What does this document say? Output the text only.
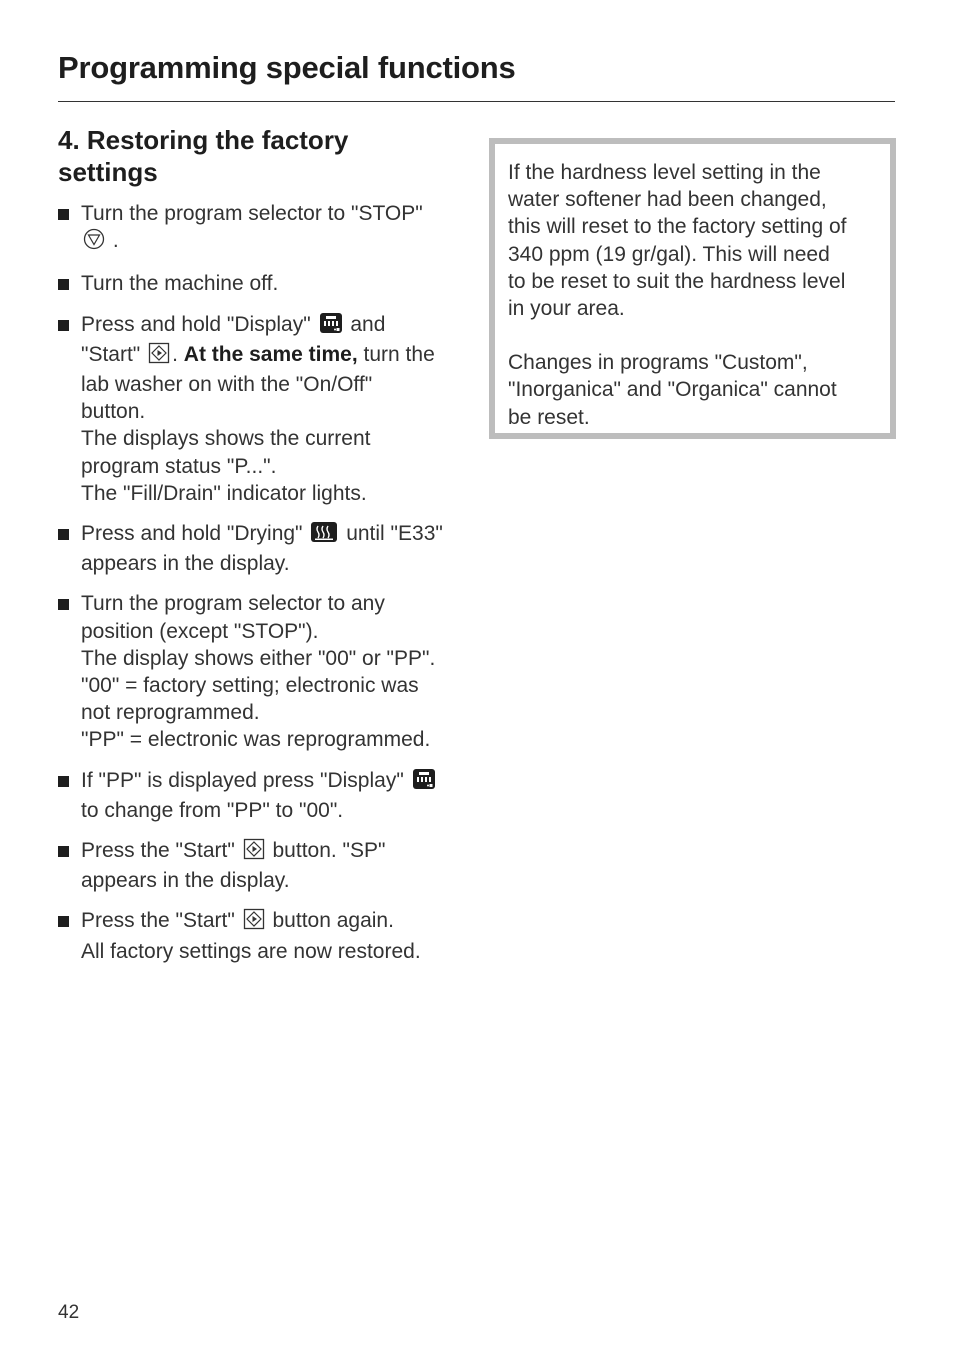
Programming special functions
4. Restoring the factory settings
Turn the program selector to "STOP"
.
Turn the machine off.
Press and hold "Display" and
"Start" . At the same time, turn the
lab washer on with the "On/Off"
button.
The displays shows the current
program status "P...".
The "Fill/Drain" indicator lights.
Press and hold "Drying" until "E33"
appears in the display.
Turn the program selector to any
position (except "STOP").
The display shows either "00" or "PP".
"00" = factory setting; electronic was
not reprogrammed.
"PP" = electronic was reprogrammed.
If "PP" is displayed press "Display"
to change from "PP" to "00".
Press the "Start" button. "SP"
appears in the display.
Press the "Start" button again.
All factory settings are now restored.

If the hardness level setting in the
water softener had been changed,
this will reset to the factory setting of
340 ppm (19 gr/gal). This will need
to be reset to suit the hardness level
in your area.

Changes in programs "Custom",
"Inorganica" and "Organica" cannot
be reset.

42
